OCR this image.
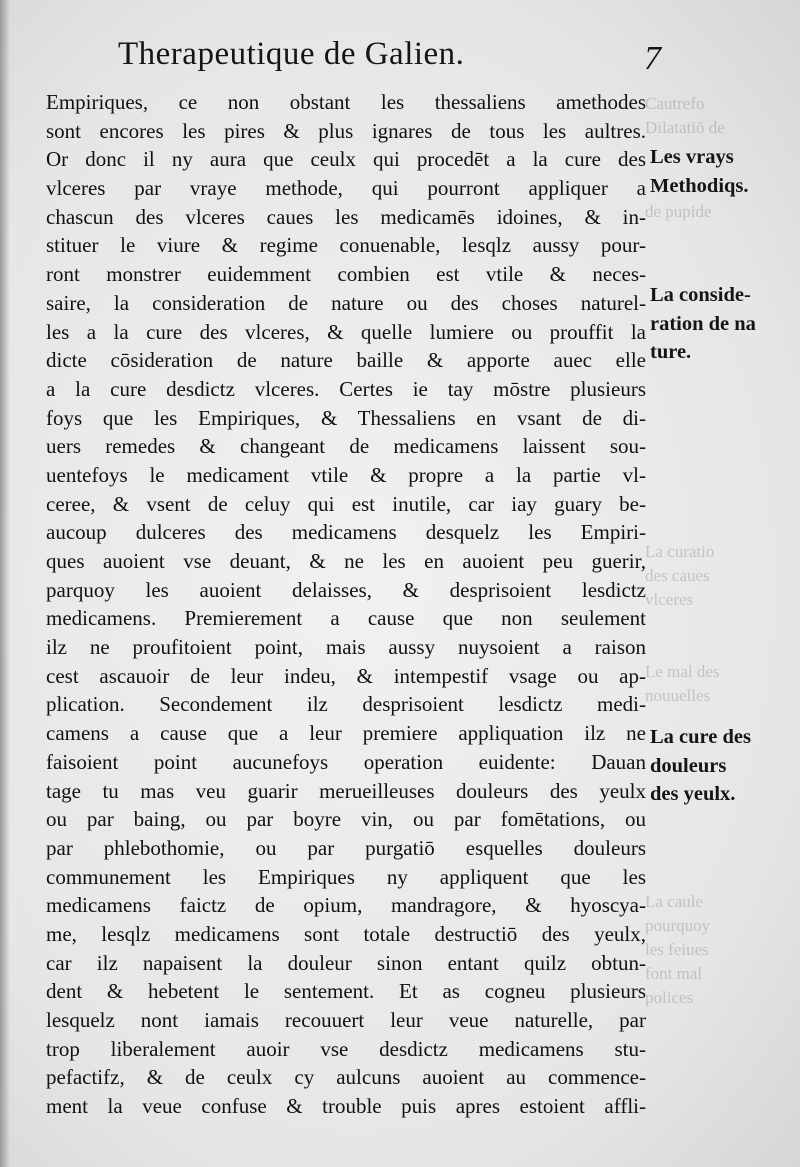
Cautrefo
Dilatatiō de
de pupide
La curatio
des caues
vlceres
Le mal des
nouuelles
La caule
pourquoy
les feiues
font mal
polices
Therapeutique de Galien.	7
Empiriques, ce non obstant les thessaliens amethodes
sont encores les pires & plus ignares de tous les aultres.
Or donc il ny aura que ceulx qui procedēt a la cure des
vlceres par vraye methode, qui pourront appliquer a
chascun des vlceres caues les medicamēs idoines, & in-
stituer le viure & regime conuenable, lesqlz aussy pour-
ront monstrer euidemment combien est vtile & neces-
saire, la consideration de nature ou des choses naturel-
les a la cure des vlceres, & quelle lumiere ou prouffit la
dicte cōsideration de nature baille & apporte auec elle
a la cure desdictz vlceres. Certes ie tay mōstre plusieurs
foys que les Empiriques, & Thessaliens en vsant de di-
uers remedes & changeant de medicamens laissent sou-
uentefoys le medicament vtile & propre a la partie vl-
ceree, & vsent de celuy qui est inutile, car iay guary be-
aucoup dulceres des medicamens desquelz les Empiri-
ques auoient vse deuant, & ne les en auoient peu guerir,
parquoy les auoient delaisses, & desprisoient lesdictz
medicamens. Premierement a cause que non seulement
ilz ne proufitoient point, mais aussy nuysoient a raison
cest ascauoir de leur indeu, & intempestif vsage ou ap-
plication. Secondement ilz desprisoient lesdictz medi-
camens a cause que a leur premiere appliquation ilz ne
faisoient point aucunefoys operation euidente: Dauan
tage tu mas veu guarir merueilleuses douleurs des yeulx
ou par baing, ou par boyre vin, ou par fomētations, ou
par phlebothomie, ou par purgatiō esquelles douleurs
communement les Empiriques ny appliquent que les
medicamens faictz de opium, mandragore, & hyoscya-
me, lesqlz medicamens sont totale destructiō des yeulx,
car ilz napaisent la douleur sinon entant quilz obtun-
dent & hebetent le sentement. Et as cogneu plusieurs
lesquelz nont iamais recouuert leur veue naturelle, par
trop liberalement auoir vse desdictz medicamens stu-
pefactifz, & de ceulx cy aulcuns auoient au commence-
ment la veue confuse & trouble puis apres estoient affli-
Les vrays
Methodiqs.
La conside-
ration de na
ture.
La cure des
douleurs
des yeulx.
